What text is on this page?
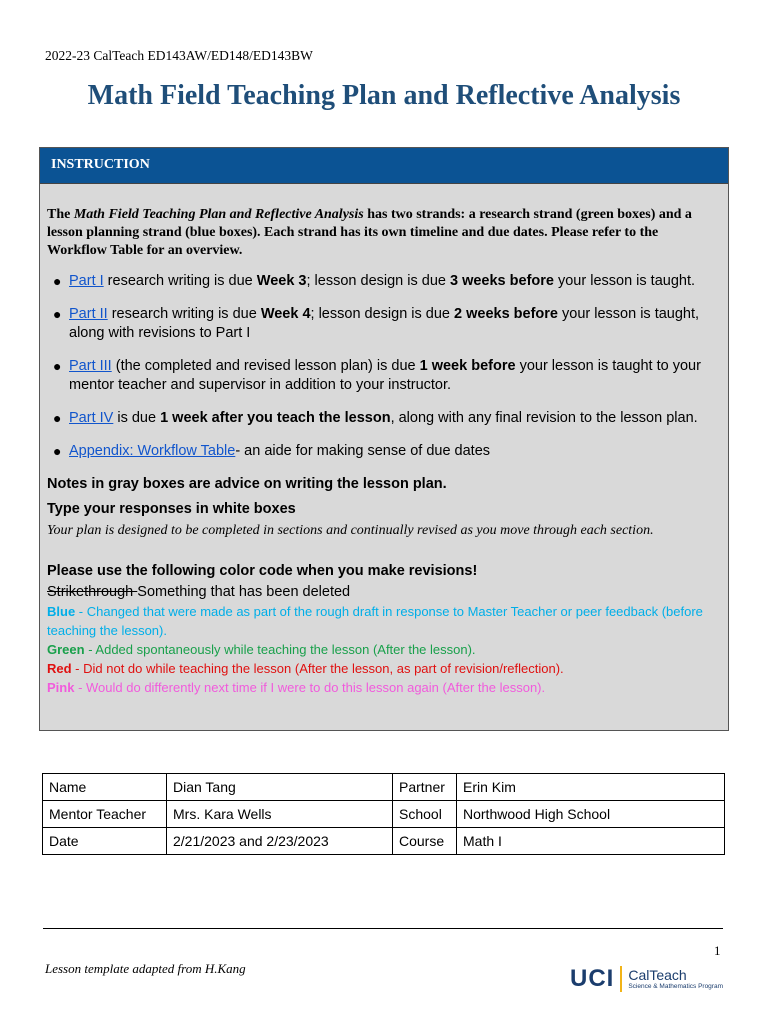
2022-23 CalTeach ED143AW/ED148/ED143BW
Math Field Teaching Plan and Reflective Analysis
INSTRUCTION

The Math Field Teaching Plan and Reflective Analysis has two strands: a research strand (green boxes) and a lesson planning strand (blue boxes). Each strand has its own timeline and due dates. Please refer to the Workflow Table for an overview.

● Part I research writing is due Week 3; lesson design is due 3 weeks before your lesson is taught.
● Part II research writing is due Week 4; lesson design is due 2 weeks before your lesson is taught, along with revisions to Part I
● Part III (the completed and revised lesson plan) is due 1 week before your lesson is taught to your mentor teacher and supervisor in addition to your instructor.
● Part IV is due 1 week after you teach the lesson, along with any final revision to the lesson plan.
● Appendix: Workflow Table- an aide for making sense of due dates

Notes in gray boxes are advice on writing the lesson plan.

Type your responses in white boxes

Your plan is designed to be completed in sections and continually revised as you move through each section.

Please use the following color code when you make revisions!

Strikethrough Something that has been deleted

Blue - Changed that were made as part of the rough draft in response to Master Teacher or peer feedback (before teaching the lesson).

Green - Added spontaneously while teaching the lesson (After the lesson).

Red - Did not do while teaching the lesson (After the lesson, as part of revision/reflection).

Pink - Would do differently next time if I were to do this lesson again (After the lesson).

Name	Dian Tang	Partner	Erin Kim
Mentor Teacher	Mrs. Kara Wells	School	Northwood High School
Date	2/21/2023 and 2/23/2023	Course	Math I
1
Lesson template adapted from H.Kang	UCI CalTeach
Science & Mathematics Program
